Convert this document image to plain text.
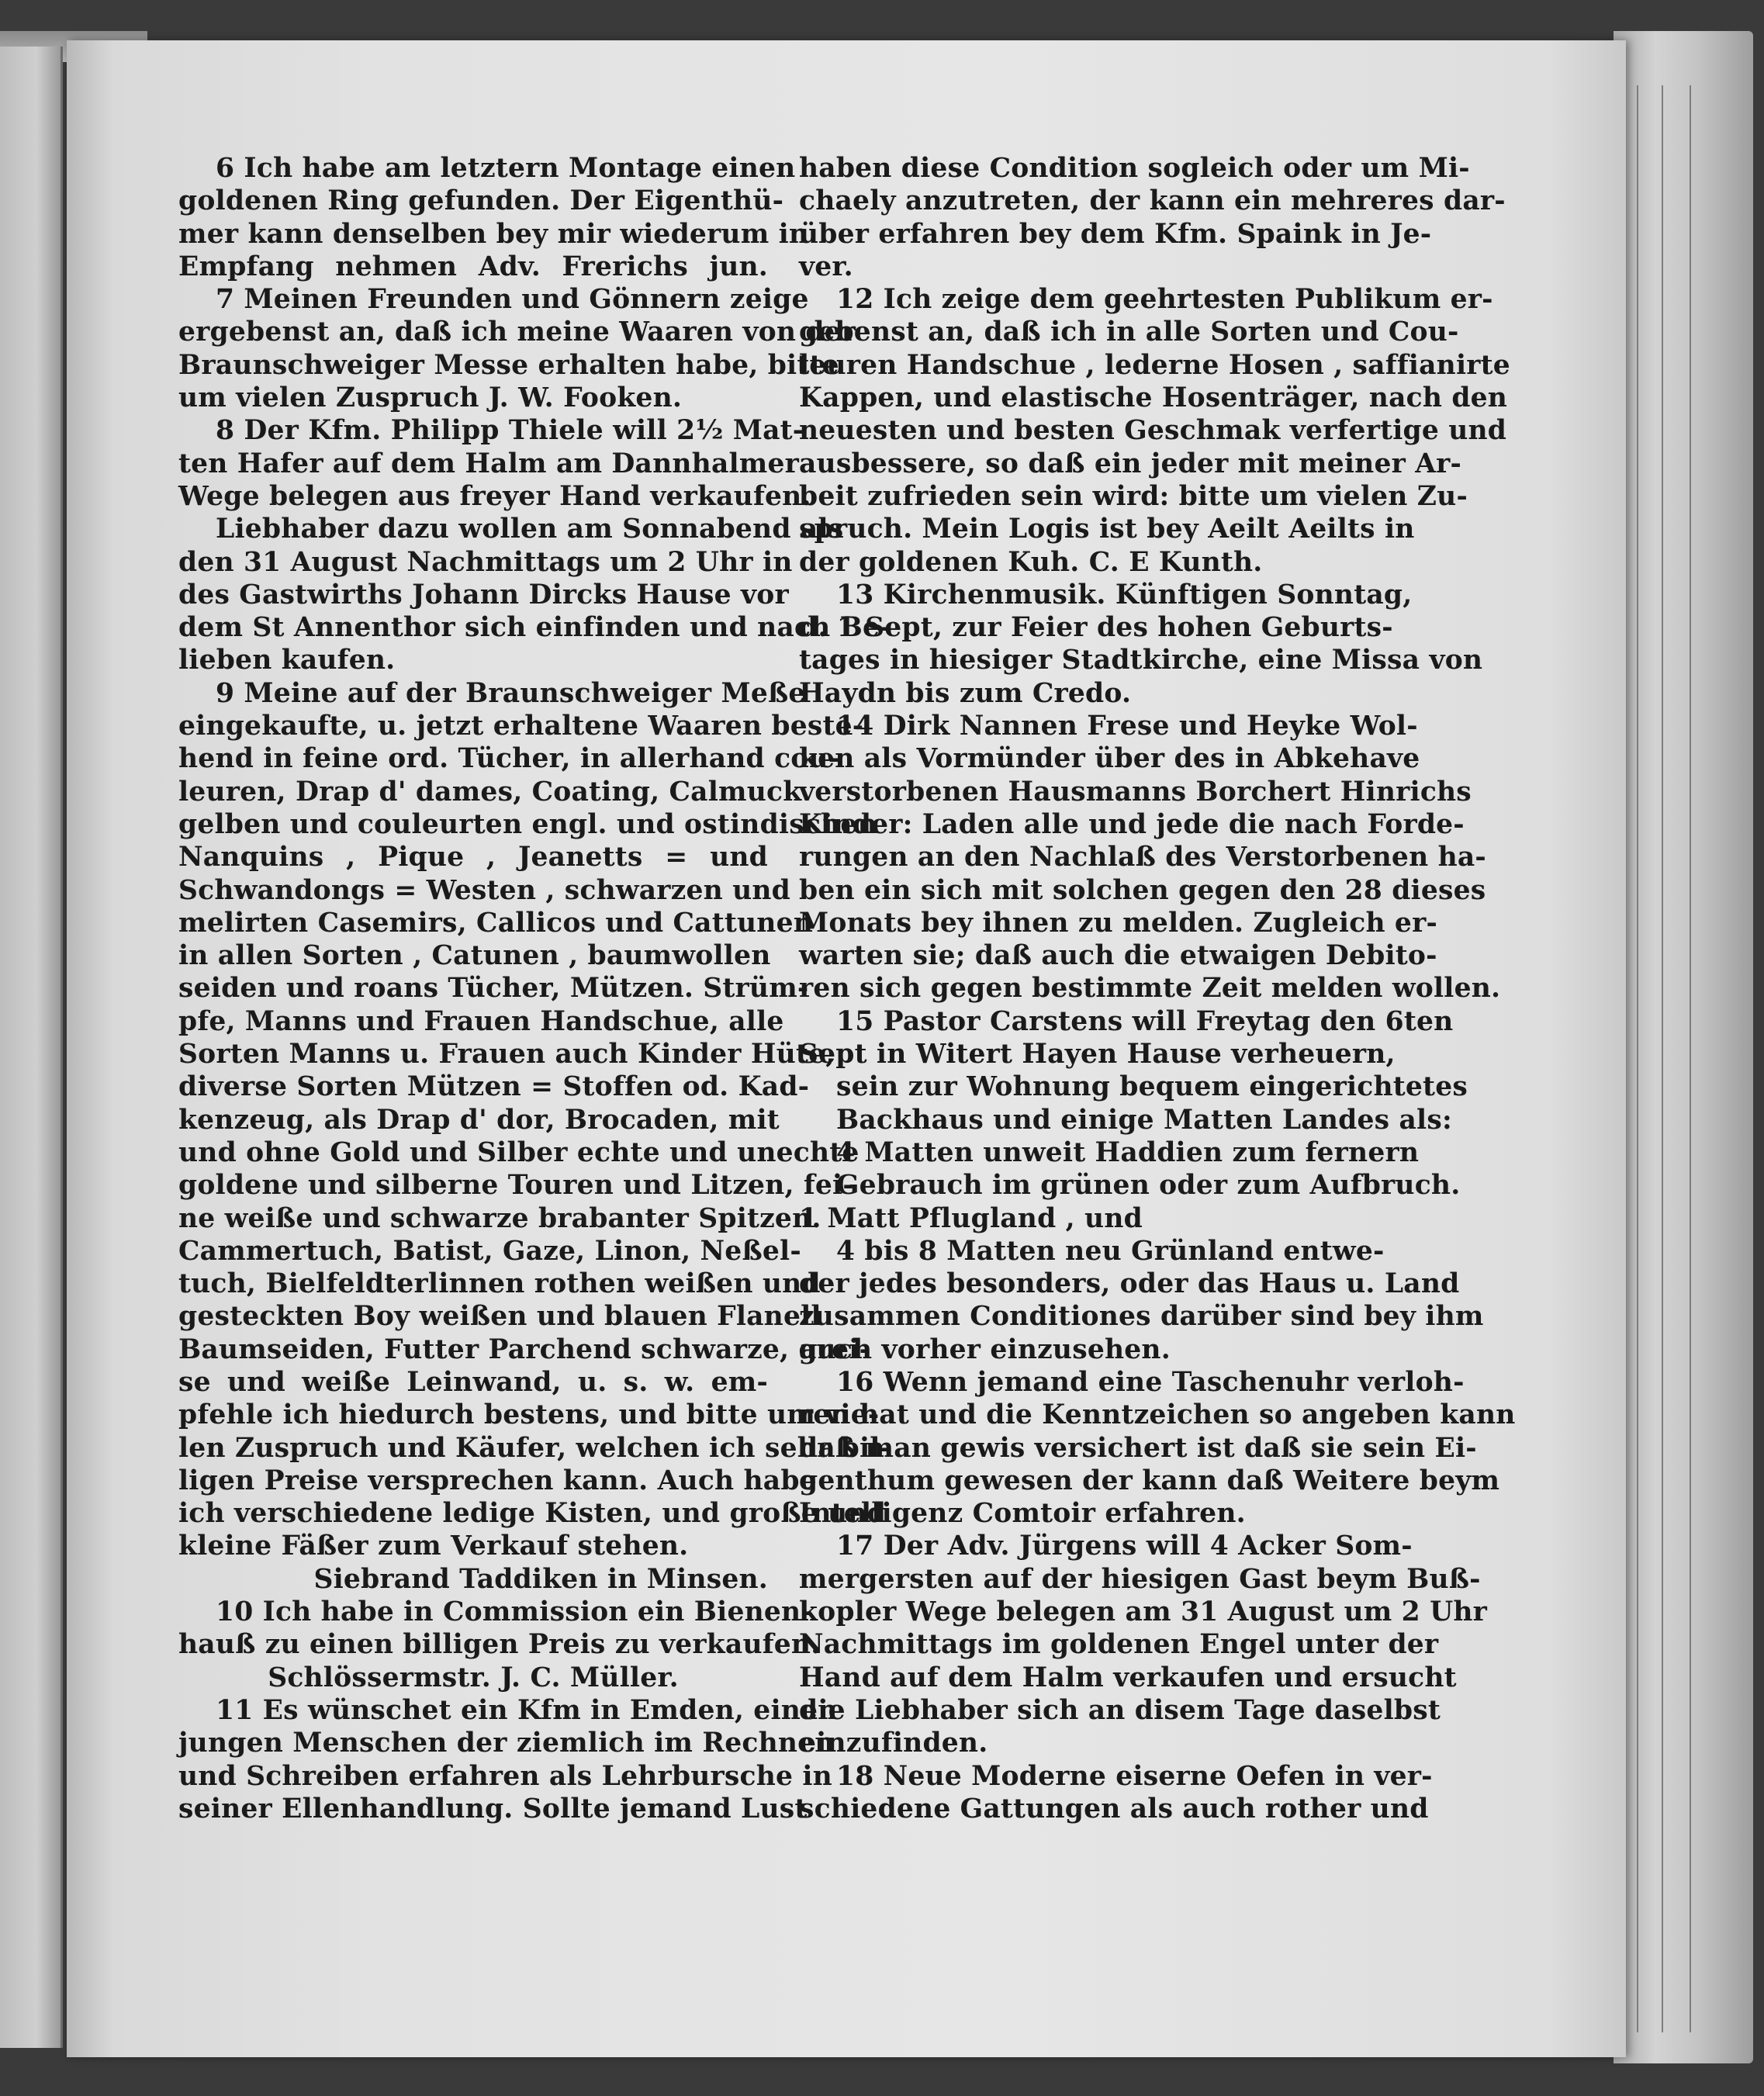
6 Ich habe am letztern Montage einen
goldenen Ring gefunden. Der Eigenthü-
mer kann denselben bey mir wiederum in
Empfang nehmen Adv. Frerichs jun.
7 Meinen Freunden und Gönnern zeige
ergebenst an, daß ich meine Waaren von der
Braunschweiger Messe erhalten habe, bitte
um vielen Zuspruch J. W. Fooken.
8 Der Kfm. Philipp Thiele will 2½ Mat-
ten Hafer auf dem Halm am Dannhalmer
Wege belegen aus freyer Hand verkaufen.
Liebhaber dazu wollen am Sonnabend als
den 31 August Nachmittags um 2 Uhr in
des Gastwirths Johann Dircks Hause vor
dem St Annenthor sich einfinden und nach Be-
lieben kaufen.
9 Meine auf der Braunschweiger Meße
eingekaufte, u. jetzt erhaltene Waaren beste-
hend in feine ord. Tücher, in allerhand cou-
leuren, Drap d' dames, Coating, Calmuck
gelben und couleurten engl. und ostindischen
Nanquins , Pique , Jeanetts = und
Schwandongs = Westen , schwarzen und
melirten Casemirs, Callicos und Cattunen
in allen Sorten , Catunen , baumwollen
seiden und roans Tücher, Mützen. Strüm-
pfe, Manns und Frauen Handschue, alle
Sorten Manns u. Frauen auch Kinder Hüte,
diverse Sorten Mützen = Stoffen od. Kad-
kenzeug, als Drap d' dor, Brocaden, mit
und ohne Gold und Silber echte und unechte
goldene und silberne Touren und Litzen, fei-
ne weiße und schwarze brabanter Spitzen.
Cammertuch, Batist, Gaze, Linon, Neßel-
tuch, Bielfeldterlinnen rothen weißen und
gesteckten Boy weißen und blauen Flanell
Baumseiden, Futter Parchend schwarze, grei-
se und weiße Leinwand, u. s. w. em-
pfehle ich hiedurch bestens, und bitte um vie-
len Zuspruch und Käufer, welchen ich sehr bil-
ligen Preise versprechen kann. Auch habe
ich verschiedene ledige Kisten, und große und
kleine Fäßer zum Verkauf stehen.
Siebrand Taddiken in Minsen.
10 Ich habe in Commission ein Bienen-
hauß zu einen billigen Preis zu verkaufen.
Schlössermstr. J. C. Müller.
11 Es wünschet ein Kfm in Emden, einen
jungen Menschen der ziemlich im Rechnen
und Schreiben erfahren als Lehrbursche in
seiner Ellenhandlung. Sollte jemand Lust
haben diese Condition sogleich oder um Mi-
chaely anzutreten, der kann ein mehreres dar-
über erfahren bey dem Kfm. Spaink in Je-
ver.
12 Ich zeige dem geehrtesten Publikum er-
gebenst an, daß ich in alle Sorten und Cou-
leuren Handschue , lederne Hosen , saffianirte
Kappen, und elastische Hosenträger, nach den
neuesten und besten Geschmak verfertige und
ausbessere, so daß ein jeder mit meiner Ar-
beit zufrieden sein wird: bitte um vielen Zu-
spruch. Mein Logis ist bey Aeilt Aeilts in
der goldenen Kuh. C. E Kunth.
13 Kirchenmusik. Künftigen Sonntag,
d. 1 Sept, zur Feier des hohen Geburts-
tages in hiesiger Stadtkirche, eine Missa von
Haydn bis zum Credo.
14 Dirk Nannen Frese und Heyke Wol-
ken als Vormünder über des in Abkehave
verstorbenen Hausmanns Borchert Hinrichs
Kinder: Laden alle und jede die nach Forde-
rungen an den Nachlaß des Verstorbenen ha-
ben ein sich mit solchen gegen den 28 dieses
Monats bey ihnen zu melden. Zugleich er-
warten sie; daß auch die etwaigen Debito-
ren sich gegen bestimmte Zeit melden wollen.
15 Pastor Carstens will Freytag den 6ten
Sept in Witert Hayen Hause verheuern,
sein zur Wohnung bequem eingerichtetes
Backhaus und einige Matten Landes als:
4 Matten unweit Haddien zum fernern
Gebrauch im grünen oder zum Aufbruch.
1 Matt Pflugland , und
4 bis 8 Matten neu Grünland entwe-
der jedes besonders, oder das Haus u. Land
zusammen Conditiones darüber sind bey ihm
auch vorher einzusehen.
16 Wenn jemand eine Taschenuhr verloh-
ren hat und die Kenntzeichen so angeben kann
daß man gewis versichert ist daß sie sein Ei-
genthum gewesen der kann daß Weitere beym
Intelligenz Comtoir erfahren.
17 Der Adv. Jürgens will 4 Acker Som-
mergersten auf der hiesigen Gast beym Buß-
kopler Wege belegen am 31 August um 2 Uhr
Nachmittags im goldenen Engel unter der
Hand auf dem Halm verkaufen und ersucht
die Liebhaber sich an disem Tage daselbst
einzufinden.
18 Neue Moderne eiserne Oefen in ver-
schiedene Gattungen als auch rother und
